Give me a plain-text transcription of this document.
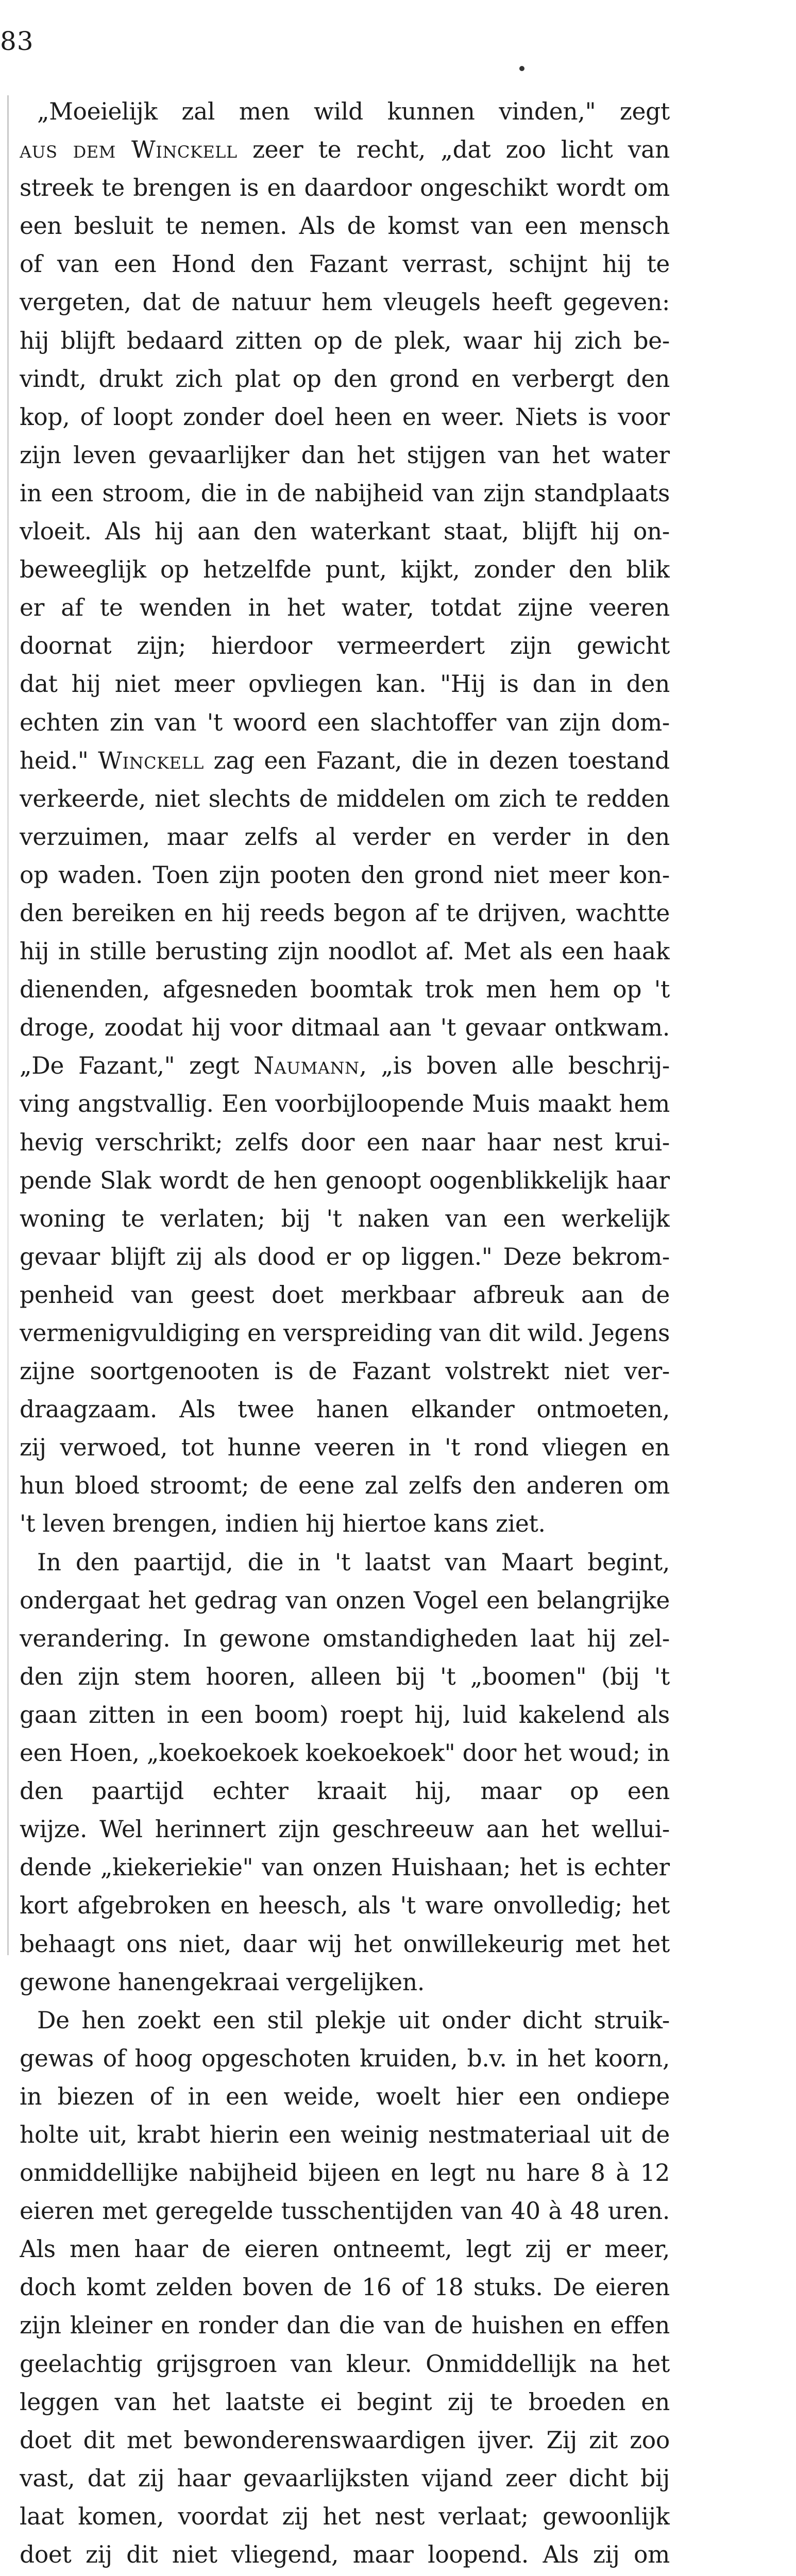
83
„Moeielijk zal men wild kunnen vinden," zegt
aus dem Winckell zeer te recht, „dat zoo licht van
streek te brengen is en daardoor ongeschikt wordt om
een besluit te nemen. Als de komst van een mensch
of van een Hond den Fazant verrast, schijnt hij te
vergeten, dat de natuur hem vleugels heeft gegeven:
hij blijft bedaard zitten op de plek, waar hij zich be-
vindt, drukt zich plat op den grond en verbergt den
kop, of loopt zonder doel heen en weer. Niets is voor
zijn leven gevaarlijker dan het stijgen van het water
in een stroom, die in de nabijheid van zijn standplaats
vloeit. Als hij aan den waterkant staat, blijft hij on-
beweeglijk op hetzelfde punt, kijkt, zonder den blik
er af te wenden in het water, totdat zijne veeren
doornat zijn; hierdoor vermeerdert zijn gewicht
dat hij niet meer opvliegen kan. "Hij is dan in den
echten zin van 't woord een slachtoffer van zijn dom-
heid." Winckell zag een Fazant, die in dezen toestand
verkeerde, niet slechts de middelen om zich te redden
verzuimen, maar zelfs al verder en verder in den
op waden. Toen zijn pooten den grond niet meer kon-
den bereiken en hij reeds begon af te drijven, wachtte
hij in stille berusting zijn noodlot af. Met als een haak
dienenden, afgesneden boomtak trok men hem op 't
droge, zoodat hij voor ditmaal aan 't gevaar ontkwam.
„De Fazant," zegt Naumann, „is boven alle beschrij-
ving angstvallig. Een voorbijloopende Muis maakt hem
hevig verschrikt; zelfs door een naar haar nest krui-
pende Slak wordt de hen genoopt oogenblikkelijk haar
woning te verlaten; bij 't naken van een werkelijk
gevaar blijft zij als dood er op liggen." Deze bekrom-
penheid van geest doet merkbaar afbreuk aan de
vermenigvuldiging en verspreiding van dit wild. Jegens
zijne soortgenooten is de Fazant volstrekt niet ver-
draagzaam. Als twee hanen elkander ontmoeten,
zij verwoed, tot hunne veeren in 't rond vliegen en
hun bloed stroomt; de eene zal zelfs den anderen om
't leven brengen, indien hij hiertoe kans ziet.
In den paartijd, die in 't laatst van Maart begint,
ondergaat het gedrag van onzen Vogel een belangrijke
verandering. In gewone omstandigheden laat hij zel-
den zijn stem hooren, alleen bij 't „boomen" (bij 't
gaan zitten in een boom) roept hij, luid kakelend als
een Hoen, „koekoekoek koekoekoek" door het woud; in
den paartijd echter kraait hij, maar op een
wijze. Wel herinnert zijn geschreeuw aan het welluі-
dende „kiekeriekie" van onzen Huishaan; het is echter
kort afgebroken en heesch, als 't ware onvolledig; het
behaagt ons niet, daar wij het onwillekeurig met het
gewone hanengekraai vergelijken.
De hen zoekt een stil plekje uit onder dicht struik-
gewas of hoog opgeschoten kruiden, b.v. in het koorn,
in biezen of in een weide, woelt hier een ondiepe
holte uit, krabt hierin een weinig nestmateriaal uit de
onmiddellijke nabijheid bijeen en legt nu hare 8 à 12
eieren met geregelde tusschentijden van 40 à 48 uren.
Als men haar de eieren ontneemt, legt zij er meer,
doch komt zelden boven de 16 of 18 stuks. De eieren
zijn kleiner en ronder dan die van de huishen en effen
geelachtig grijsgroen van kleur. Onmiddellijk na het
leggen van het laatste ei begint zij te broeden en
doet dit met bewonderenswaardigen ijver. Zij zit zoo
vast, dat zij haar gevaarlijksten vijand zeer dicht bij
laat komen, voordat zij het nest verlaat; gewoonlijk
doet zij dit niet vliegend, maar loopend. Als zij om
